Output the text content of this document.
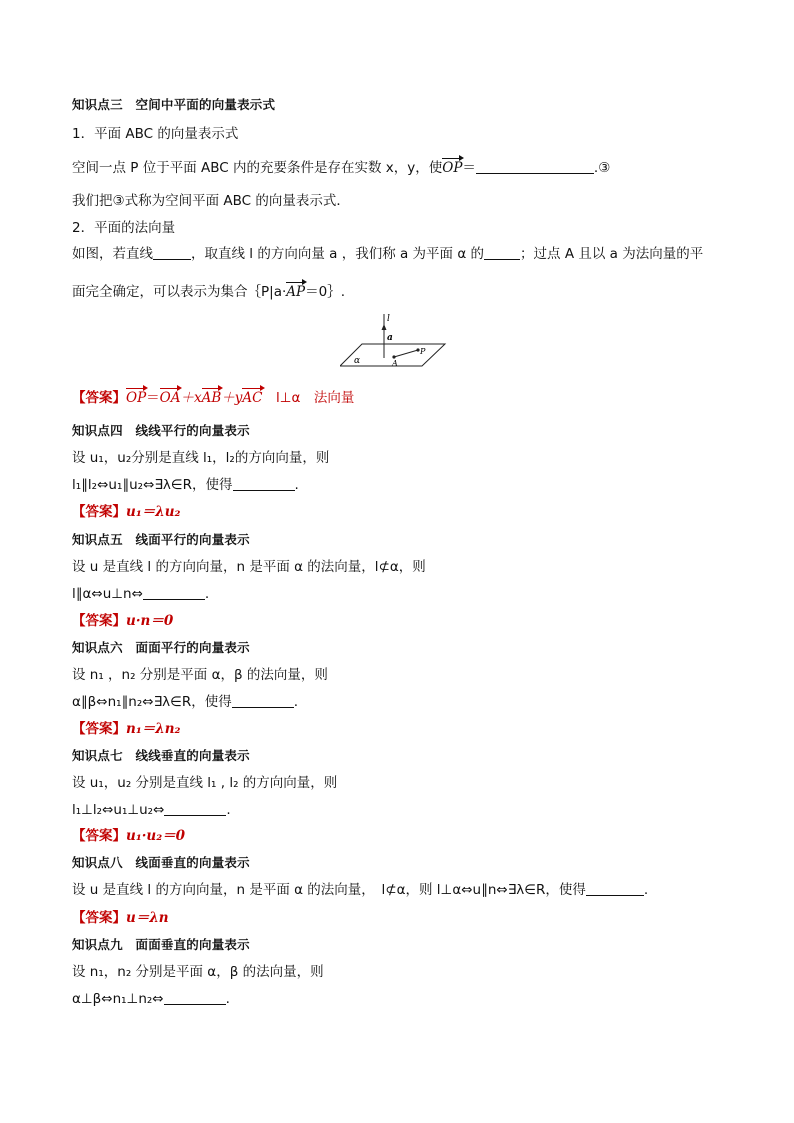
知识点三　空间中平面的向量表示式
1．平面 ABC 的向量表示式
空间一点 P 位于平面 ABC 内的充要条件是存在实数 x，y，使OP＝	.③
我们把③式称为空间平面 ABC 的向量表示式．
2．平面的法向量
如图，若直线	，取直线 l 的方向向量 a ，我们称 a 为平面 α 的	；过点 A 且以 a 为法向量的平
面完全确定，可以表示为集合｛P|a·AP＝0｝.
l
a
α	A
P
【答案】OP＝OA＋xAB＋yAC　l⊥α　法向量
知识点四　线线平行的向量表示
设 u₁，u₂分别是直线 l₁，l₂的方向向量，则
l₁∥l₂⇔u₁∥u₂⇔∃λ∈R，使得	.
【答案】u₁＝λu₂
知识点五　线面平行的向量表示
设 u 是直线 l 的方向向量，n 是平面 α 的法向量，l⊄α，则
l∥α⇔u⊥n⇔	.
【答案】u·n＝0
知识点六　面面平行的向量表示
设 n₁ ，n₂ 分别是平面 α，β 的法向量，则
α∥β⇔n₁∥n₂⇔∃λ∈R，使得	.
【答案】n₁＝λn₂
知识点七　线线垂直的向量表示
设 u₁，u₂ 分别是直线 l₁ , l₂ 的方向向量，则
l₁⊥l₂⇔u₁⊥u₂⇔	.
【答案】u₁·u₂＝0
知识点八　线面垂直的向量表示
设 u 是直线 l 的方向向量，n 是平面 α 的法向量，　l⊄α，则 l⊥α⇔u∥n⇔∃λ∈R，使得	.
【答案】u＝λn
知识点九　面面垂直的向量表示
设 n₁，n₂ 分别是平面 α，β 的法向量，则
α⊥β⇔n₁⊥n₂⇔	.
